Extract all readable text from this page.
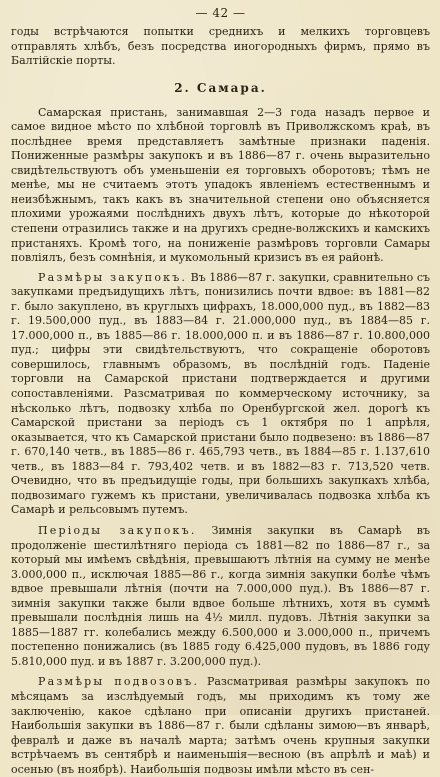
— 42 —

годы встрѣчаются попытки среднихъ и мелкихъ торговцевъ отправлять хлѣбъ, безъ посредства иногородныхъ фирмъ, прямо въ Балтійскіе порты.

2. Самара.

Самарская пристань, занимавшая 2—3 года назадъ первое и самое видное мѣсто по хлѣбной торговлѣ въ Приволжскомъ краѣ, въ послѣднее время представляетъ замѣтные признаки паденія. Пониженные размѣры закупокъ и въ 1886—87 г. очень выразительно свидѣтельствуютъ объ уменьшеніи ея торговыхъ оборотовъ; тѣмъ не менѣе, мы не считаемъ этотъ упадокъ явленіемъ естественнымъ и неизбѣжнымъ, такъ какъ въ значительной степени оно объясняется плохими урожаями послѣднихъ двухъ лѣтъ, которые до нѣкоторой степени отразились также и на другихъ средне-волжскихъ и камскихъ пристаняхъ. Кромѣ того, на пониженіе размѣровъ торговли Самары повліялъ, безъ сомнѣнія, и мукомольный кризисъ въ ея районѣ.

Размѣры закупокъ. Въ 1886—87 г. закупки, сравнительно съ закупками предъидущихъ лѣтъ, понизились почти вдвое: въ 1881—82 г. было закуплено, въ круглыхъ цифрахъ, 18.000,000 пуд., въ 1882—83 г. 19.500,000 пуд., въ 1883—84 г. 21.000,000 пуд., въ 1884—85 г. 17.000,000 п., въ 1885—86 г. 18.000,000 п. и въ 1886—87 г. 10.800,000 пуд.; цифры эти свидѣтельствуютъ, что сокращеніе оборотовъ совершилось, главнымъ образомъ, въ послѣдній годъ. Паденіе торговли на Самарской пристани подтверждается и другими сопоставленіями. Разсматривая по коммерческому источнику, за нѣсколько лѣтъ, подвозку хлѣба по Оренбургской жел. дорогѣ къ Самарской пристани за періодъ съ 1 октября по 1 апрѣля, оказывается, что къ Самарской пристани было подвезено: въ 1886—87 г. 670,140 четв., въ 1885—86 г. 465,793 четв., въ 1884—85 г. 1.137,610 четв., въ 1883—84 г. 793,402 четв. и въ 1882—83 г. 713,520 четв. Очевидно, что въ предъидущіе годы, при большихъ закупкахъ хлѣба, подвозимаго гужемъ къ пристани, увеличивалась подвозка хлѣба къ Самарѣ и рельсовымъ путемъ.

Періоды закупокъ. Зимнія закупки въ Самарѣ въ продолженіе шестилѣтняго періода съ 1881—82 по 1886—87 г., за который мы имѣемъ свѣдѣнія, превышаютъ лѣтнія на сумму не менѣе 3.000,000 п., исключая 1885—86 г., когда зимнія закупки болѣе чѣмъ вдвое превышали лѣтнія (почти на 7.000,000 пуд.). Въ 1886—87 г. зимнія закупки также были вдвое больше лѣтнихъ, хотя въ суммѣ превышали послѣднія лишь на 4½ милл. пудовъ. Лѣтнія закупки за 1885—1887 гг. колебались между 6.500,000 и 3.000,000 п., причемъ постепенно понижались (въ 1885 году 6.425,000 пудовъ, въ 1886 году 5.810,000 пуд. и въ 1887 г. 3.200,000 пуд.).

Размѣры подвозовъ. Разсматривая размѣры закупокъ по мѣсяцамъ за изслѣдуемый годъ, мы приходимъ къ тому же заключенію, какое сдѣлано при описаніи другихъ пристаней. Наибольшія закупки въ 1886—87 г. были сдѣланы зимою—въ январѣ, февралѣ и даже въ началѣ марта; затѣмъ очень крупныя закупки встрѣчаемъ въ сентябрѣ и наименьшія—весною (въ апрѣлѣ и маѣ) и осенью (въ ноябрѣ). Наибольшія подвозы имѣли мѣсто въ сен-
